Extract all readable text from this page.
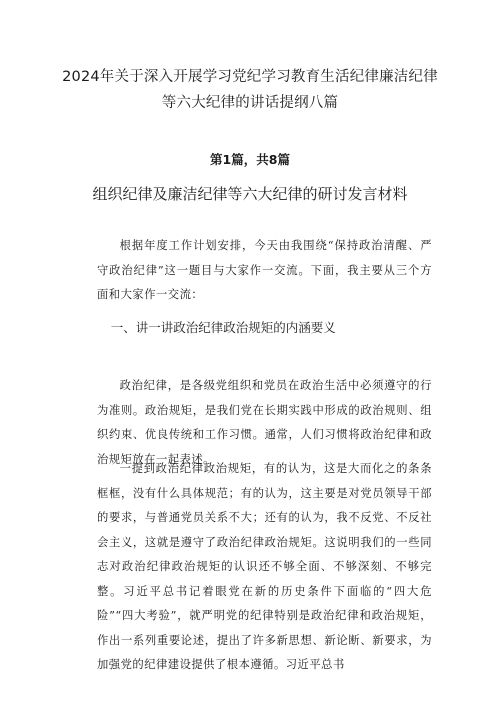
2024年关于深入开展学习党纪学习教育生活纪律廉洁纪律等六大纪律的讲话提纲八篇
第1篇，共8篇
组织纪律及廉洁纪律等六大纪律的研讨发言材料

根据年度工作计划安排，今天由我围绕“保持政治清醒、严守政治纪律”这一题目与大家作一交流。下面，我主要从三个方面和大家作一交流：

一、讲一讲政治纪律政治规矩的内涵要义

政治纪律，是各级党组织和党员在政治生活中必须遵守的行为准则。政治规矩，是我们党在长期实践中形成的政治规则、组织约束、优良传统和工作习惯。通常，人们习惯将政治纪律和政治规矩放在一起表述。

一提到政治纪律政治规矩，有的认为，这是大而化之的条条框框，没有什么具体规范；有的认为，这主要是对党员领导干部的要求，与普通党员关系不大；还有的认为，我不反党、不反社会主义，这就是遵守了政治纪律政治规矩。这说明我们的一些同志对政治纪律政治规矩的认识还不够全面、不够深刻、不够完整。习近平总书记着眼党在新的历史条件下面临的“四大危险”“四大考验”，就严明党的纪律特别是政治纪律和政治规矩，作出一系列重要论述，提出了许多新思想、新论断、新要求，为加强党的纪律建设提供了根本遵循。习近平总书
